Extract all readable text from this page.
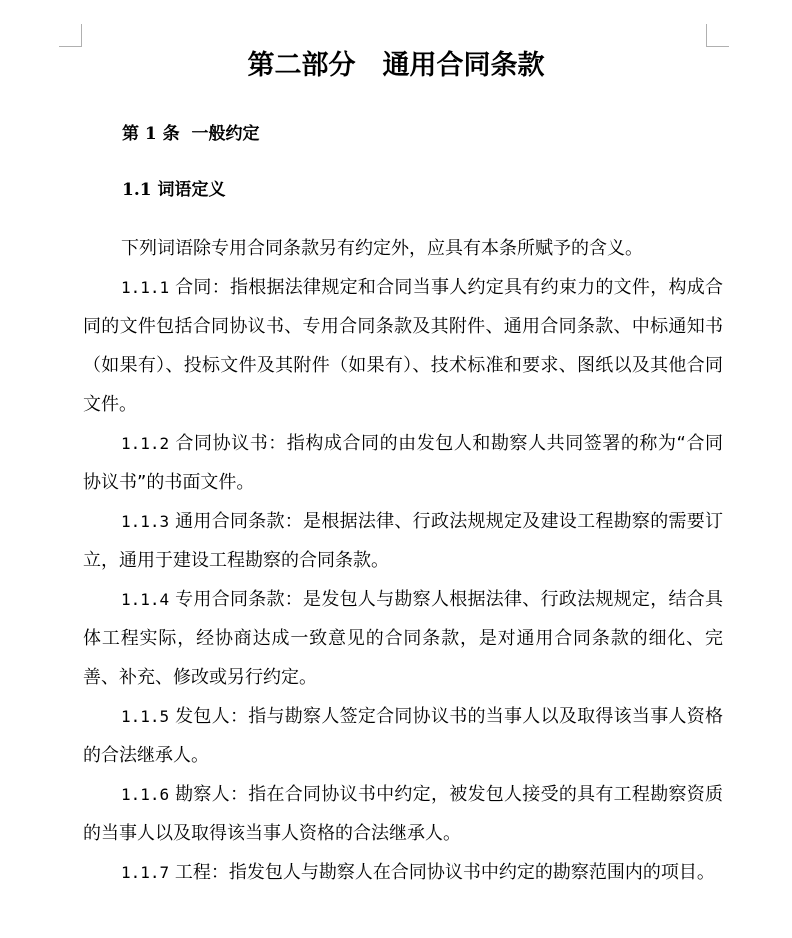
第二部分　通用合同条款
第 1 条  一般约定
1.1 词语定义

下列词语除专用合同条款另有约定外，应具有本条所赋予的含义。

1.1.1 合同：指根据法律规定和合同当事人约定具有约束力的文件，构成合同的文件包括合同协议书、专用合同条款及其附件、通用合同条款、中标通知书（如果有）、投标文件及其附件（如果有）、技术标准和要求、图纸以及其他合同文件。

1.1.2 合同协议书：指构成合同的由发包人和勘察人共同签署的称为“合同协议书”的书面文件。

1.1.3 通用合同条款：是根据法律、行政法规规定及建设工程勘察的需要订立，通用于建设工程勘察的合同条款。

1.1.4 专用合同条款：是发包人与勘察人根据法律、行政法规规定，结合具体工程实际，经协商达成一致意见的合同条款，是对通用合同条款的细化、完善、补充、修改或另行约定。

1.1.5 发包人：指与勘察人签定合同协议书的当事人以及取得该当事人资格的合法继承人。

1.1.6 勘察人：指在合同协议书中约定，被发包人接受的具有工程勘察资质的当事人以及取得该当事人资格的合法继承人。

1.1.7 工程：指发包人与勘察人在合同协议书中约定的勘察范围内的项目。
